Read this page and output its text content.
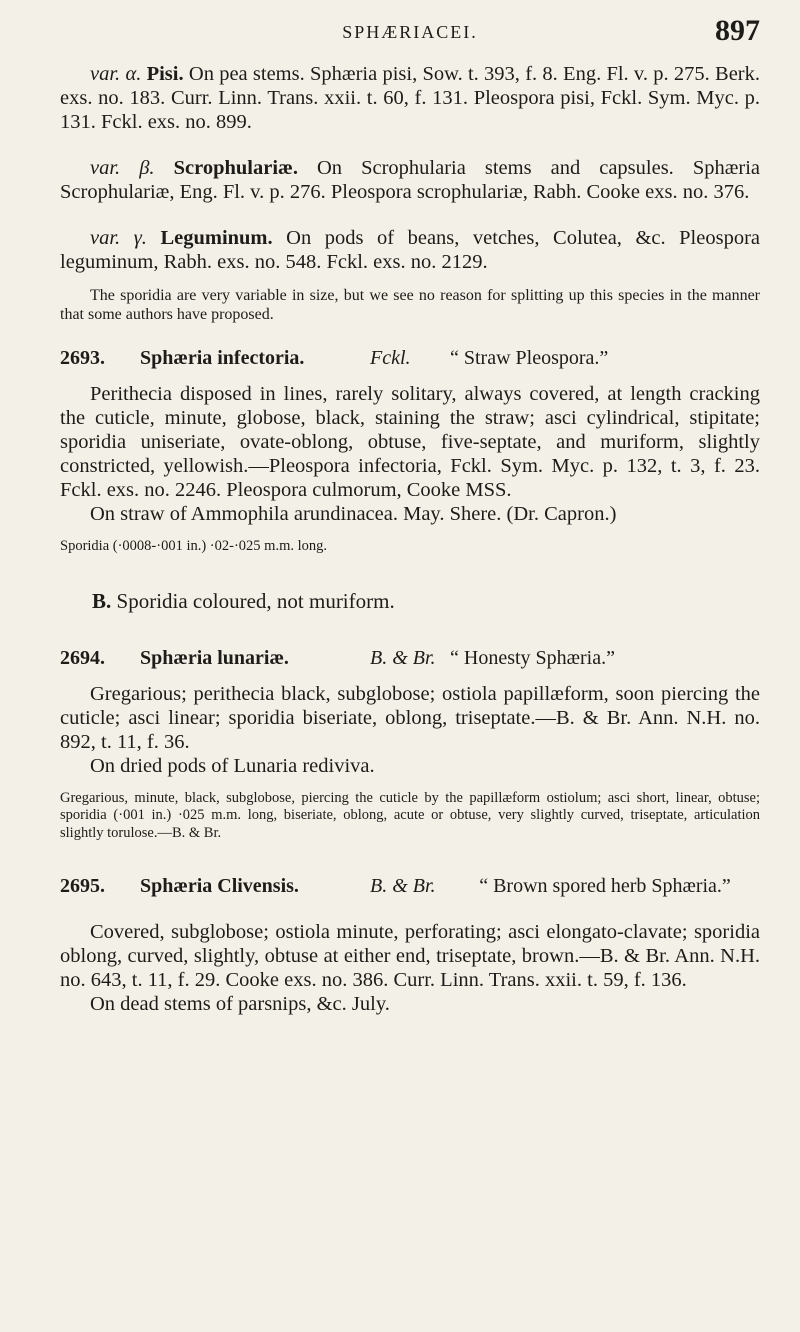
SPHÆRIACEI.	897

var. α. Pisi. On pea stems. Sphæria pisi, Sow. t. 393, f. 8. Eng. Fl. v. p. 275. Berk. exs. no. 183. Curr. Linn. Trans. xxii. t. 60, f. 131. Pleospora pisi, Fckl. Sym. Myc. p. 131. Fckl. exs. no. 899.

var. β. Scrophulariæ. On Scrophularia stems and capsules. Sphæria Scrophulariæ, Eng. Fl. v. p. 276. Pleospora scrophulariæ, Rabh. Cooke exs. no. 376.

var. γ. Leguminum. On pods of beans, vetches, Colutea, &c. Pleospora leguminum, Rabh. exs. no. 548. Fckl. exs. no. 2129.

The sporidia are very variable in size, but we see no reason for splitting up this species in the manner that some authors have proposed.

2693.	Sphæria infectoria.	Fckl.	“ Straw Pleospora.”

Perithecia disposed in lines, rarely solitary, always covered, at length cracking the cuticle, minute, globose, black, staining the straw; asci cylindrical, stipitate; sporidia uniseriate, ovate-oblong, obtuse, five-septate, and muriform, slightly constricted, yellowish.—Pleospora infectoria, Fckl. Sym. Myc. p. 132, t. 3, f. 23. Fckl. exs. no. 2246. Pleospora culmorum, Cooke MSS.

On straw of Ammophila arundinacea. May. Shere. (Dr. Capron.)

Sporidia (·0008-·001 in.) ·02-·025 m.m. long.

B. Sporidia coloured, not muriform.
2694.	Sphæria lunariæ.	B. & Br. “ Honesty Sphæria.”

Gregarious; perithecia black, subglobose; ostiola papillæform, soon piercing the cuticle; asci linear; sporidia biseriate, oblong, triseptate.—B. & Br. Ann. N.H. no. 892, t. 11, f. 36.

On dried pods of Lunaria rediviva.

Gregarious, minute, black, subglobose, piercing the cuticle by the papillæform ostiolum; asci short, linear, obtuse; sporidia (·001 in.) ·025 m.m. long, biseriate, oblong, acute or obtuse, very slightly curved, triseptate, articulation slightly torulose.—B. & Br.

2695.	Sphæria Clivensis.	B. & Br.	“ Brown spored herb Sphæria.”

Covered, subglobose; ostiola minute, perforating; asci elongato-clavate; sporidia oblong, curved, slightly, obtuse at either end, triseptate, brown.—B. & Br. Ann. N.H. no. 643, t. 11, f. 29. Cooke exs. no. 386. Curr. Linn. Trans. xxii. t. 59, f. 136.

On dead stems of parsnips, &c. July.
